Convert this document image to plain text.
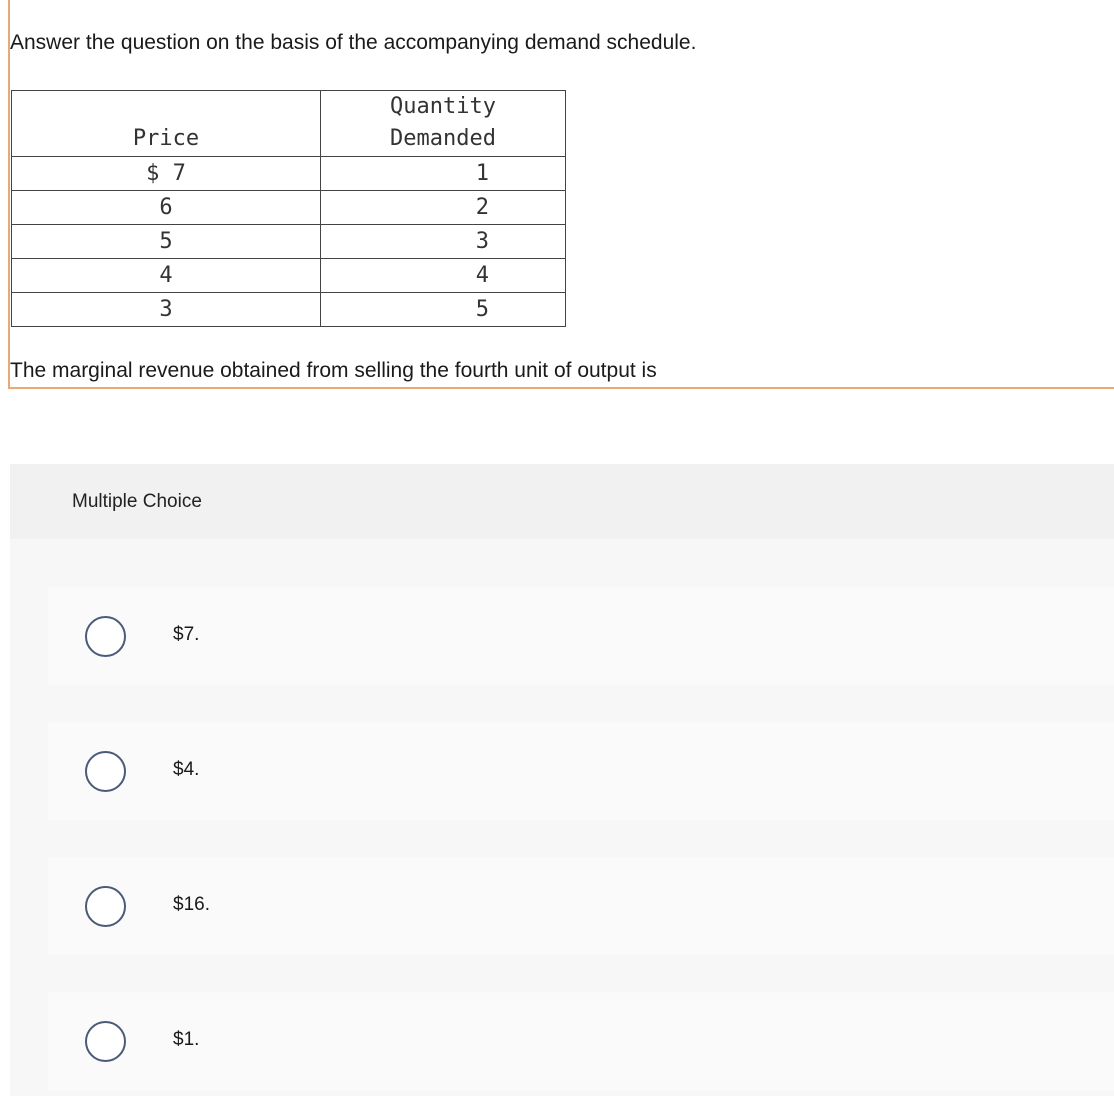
Answer the question on the basis of the accompanying demand schedule.
Price	Quantity
Demanded
$ 7	1
6	2
5	3
4	4
3	5
The marginal revenue obtained from selling the fourth unit of output is
Multiple Choice
$7.
$4.
$16.
$1.
